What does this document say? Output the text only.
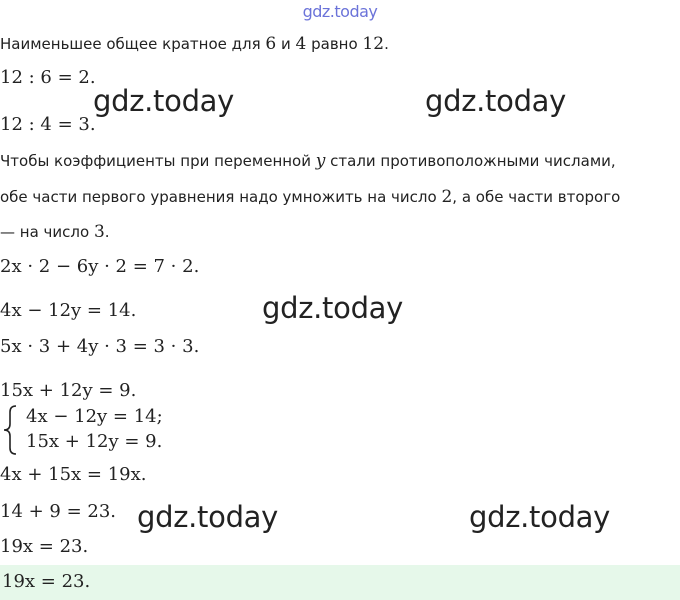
gdz.today
Наименьшее общее кратное для 6 и 4 равно 12.
12 : 6 = 2.
12 : 4 = 3.
Чтобы коэффициенты при переменной y стали противоположными числами,
обе части первого уравнения надо умножить на число 2, а обе части второго
— на число 3.
2x · 2 − 6y · 2 = 7 · 2.
4x − 12y = 14.
5x · 3 + 4y · 3 = 3 · 3.
15x + 12y = 9.
4x − 12y = 14;
15x + 12y = 9.
4x + 15x = 19x.
14 + 9 = 23.
19x = 23.
19x = 23.
gdz.today	gdz.today
gdz.today
gdz.today	gdz.today
